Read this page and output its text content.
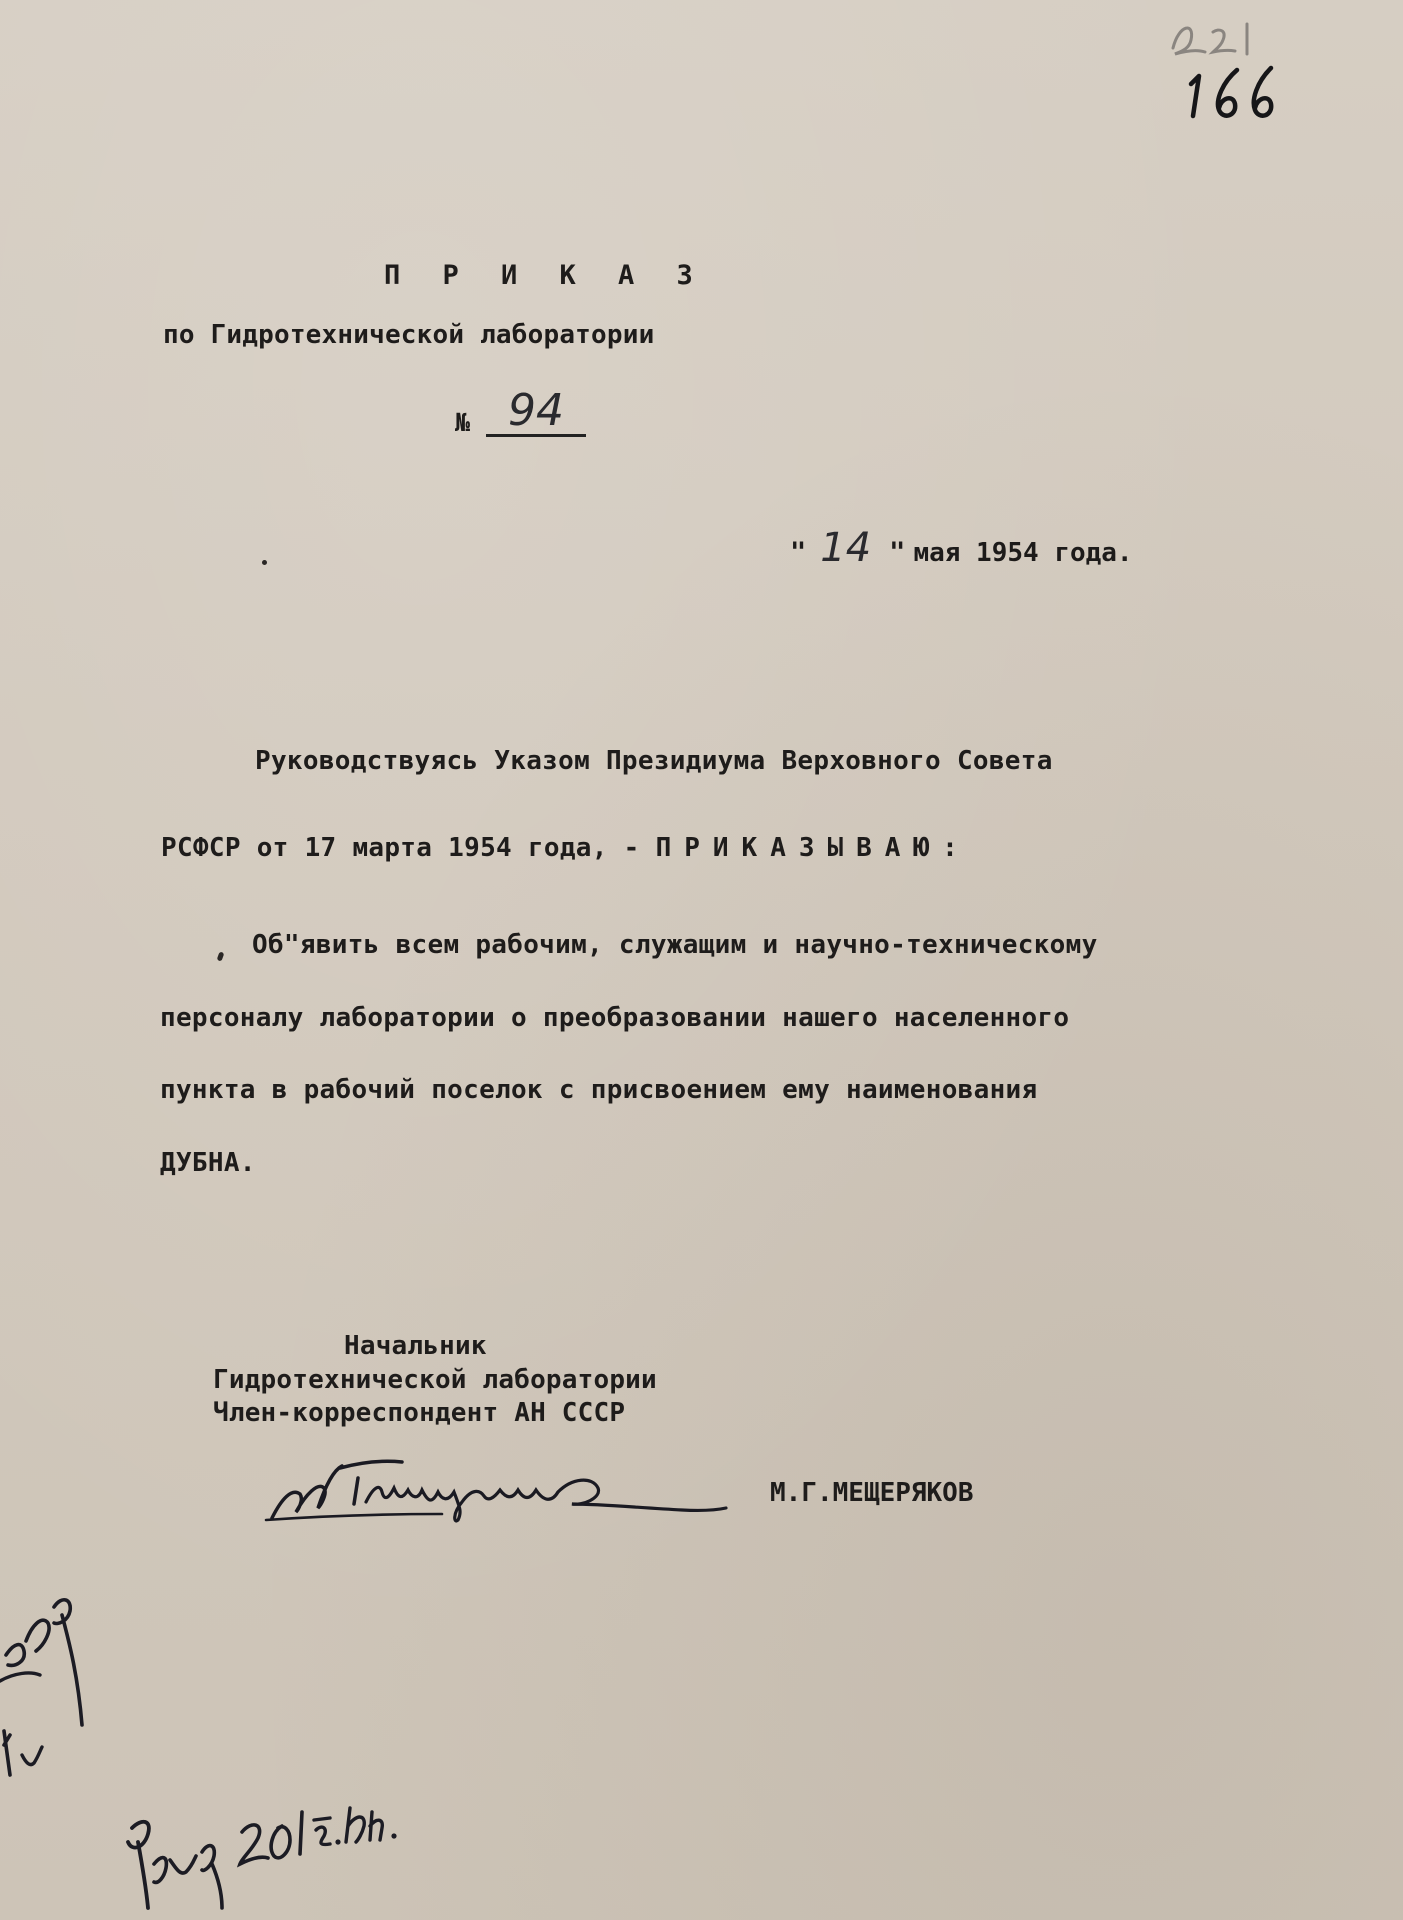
П Р И К А З
по Гидротехнической лаборатории
№ 94
" 14 " мая 1954 года.
Руководствуясь Указом Президиума Верховного Совета
РСФСР от 17 марта 1954 года, - ПРИКАЗЫВАЮ:
Об"явить всем рабочим, служащим и научно-техническому
персоналу лаборатории о преобразовании нашего населенного
пункта в рабочий поселок с присвоением ему наименования
ДУБНА.
Начальник
Гидротехнической лаборатории
Член-корреспондент АН СССР
М.Г.МЕЩЕРЯКОВ
